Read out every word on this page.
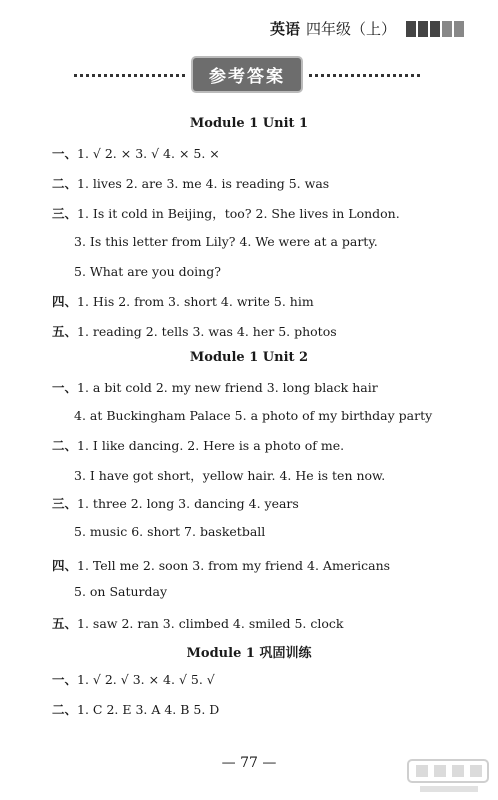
英语 四年级（上）
参考答案
Module 1 Unit 1
一、1. √ 2. × 3. √ 4. × 5. ×
二、1. lives 2. are 3. me 4. is reading 5. was
三、1. Is it cold in Beijing，too? 2. She lives in London.
3. Is this letter from Lily? 4. We were at a party.
5. What are you doing?
四、1. His 2. from 3. short 4. write 5. him
五、1. reading 2. tells 3. was 4. her 5. photos
Module 1 Unit 2
一、1. a bit cold 2. my new friend 3. long black hair
4. at Buckingham Palace 5. a photo of my birthday party
二、1. I like dancing. 2. Here is a photo of me.
3. I have got short，yellow hair. 4. He is ten now.
三、1. three 2. long 3. dancing 4. years
5. music 6. short 7. basketball
四、1. Tell me 2. soon 3. from my friend 4. Americans
5. on Saturday
五、1. saw 2. ran 3. climbed 4. smiled 5. clock
Module 1 巩固训练
一、1. √ 2. √ 3. × 4. √ 5. √
二、1. C 2. E 3. A 4. B 5. D
— 77 —
